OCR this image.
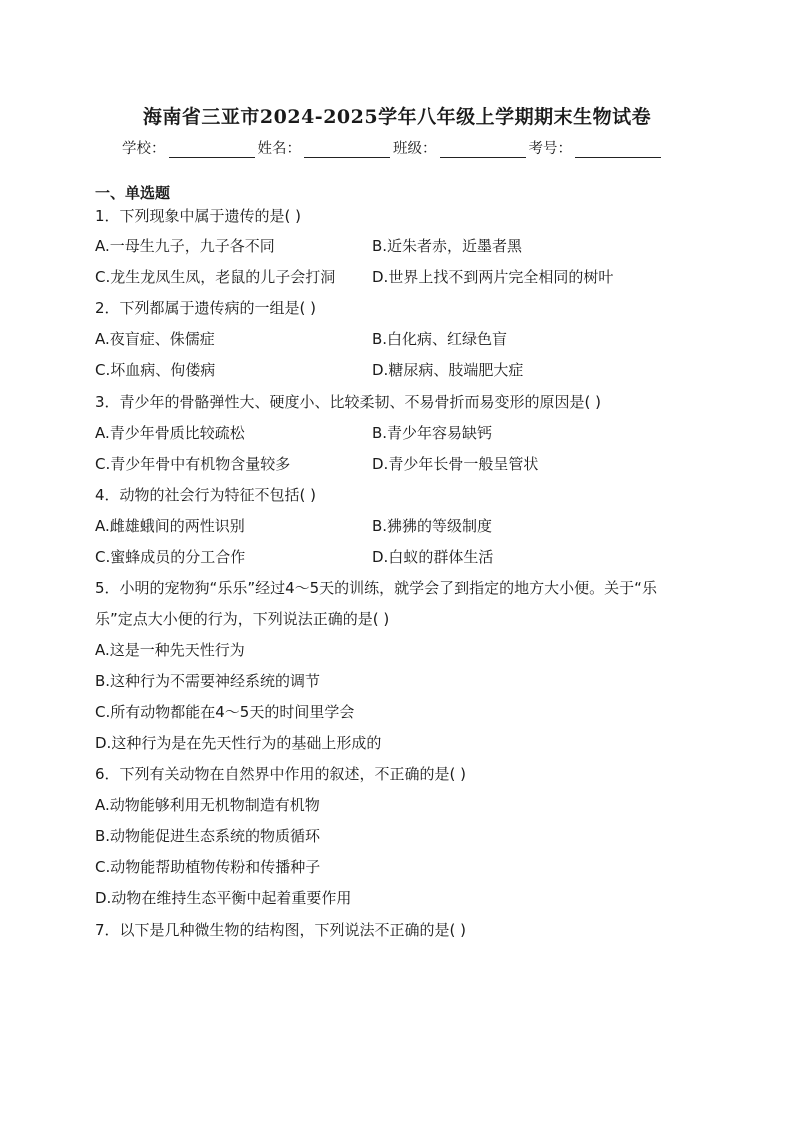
海南省三亚市2024-2025学年八年级上学期期末生物试卷
学校：	姓名：	班级：	考号：
一、单选题
1．下列现象中属于遗传的是( )
A.一母生九子，九子各不同	B.近朱者赤，近墨者黑
C.龙生龙凤生凤，老鼠的儿子会打洞 D.世界上找不到两片完全相同的树叶
2．下列都属于遗传病的一组是( )
A.夜盲症、侏儒症	B.白化病、红绿色盲
C.坏血病、佝偻病	D.糖尿病、肢端肥大症
3．青少年的骨骼弹性大、硬度小、比较柔韧、不易骨折而易变形的原因是( )
A.青少年骨质比较疏松	B.青少年容易缺钙
C.青少年骨中有机物含量较多	D.青少年长骨一般呈管状
4．动物的社会行为特征不包括( )
A.雌雄蛾间的两性识别	B.狒狒的等级制度
C.蜜蜂成员的分工合作	D.白蚁的群体生活
5．小明的宠物狗“乐乐”经过4～5天的训练，就学会了到指定的地方大小便。关于“乐
乐”定点大小便的行为，下列说法正确的是( )
A.这是一种先天性行为
B.这种行为不需要神经系统的调节
C.所有动物都能在4～5天的时间里学会
D.这种行为是在先天性行为的基础上形成的
6．下列有关动物在自然界中作用的叙述，不正确的是( )
A.动物能够利用无机物制造有机物
B.动物能促进生态系统的物质循环
C.动物能帮助植物传粉和传播种子
D.动物在维持生态平衡中起着重要作用
7．以下是几种微生物的结构图，下列说法不正确的是( )
